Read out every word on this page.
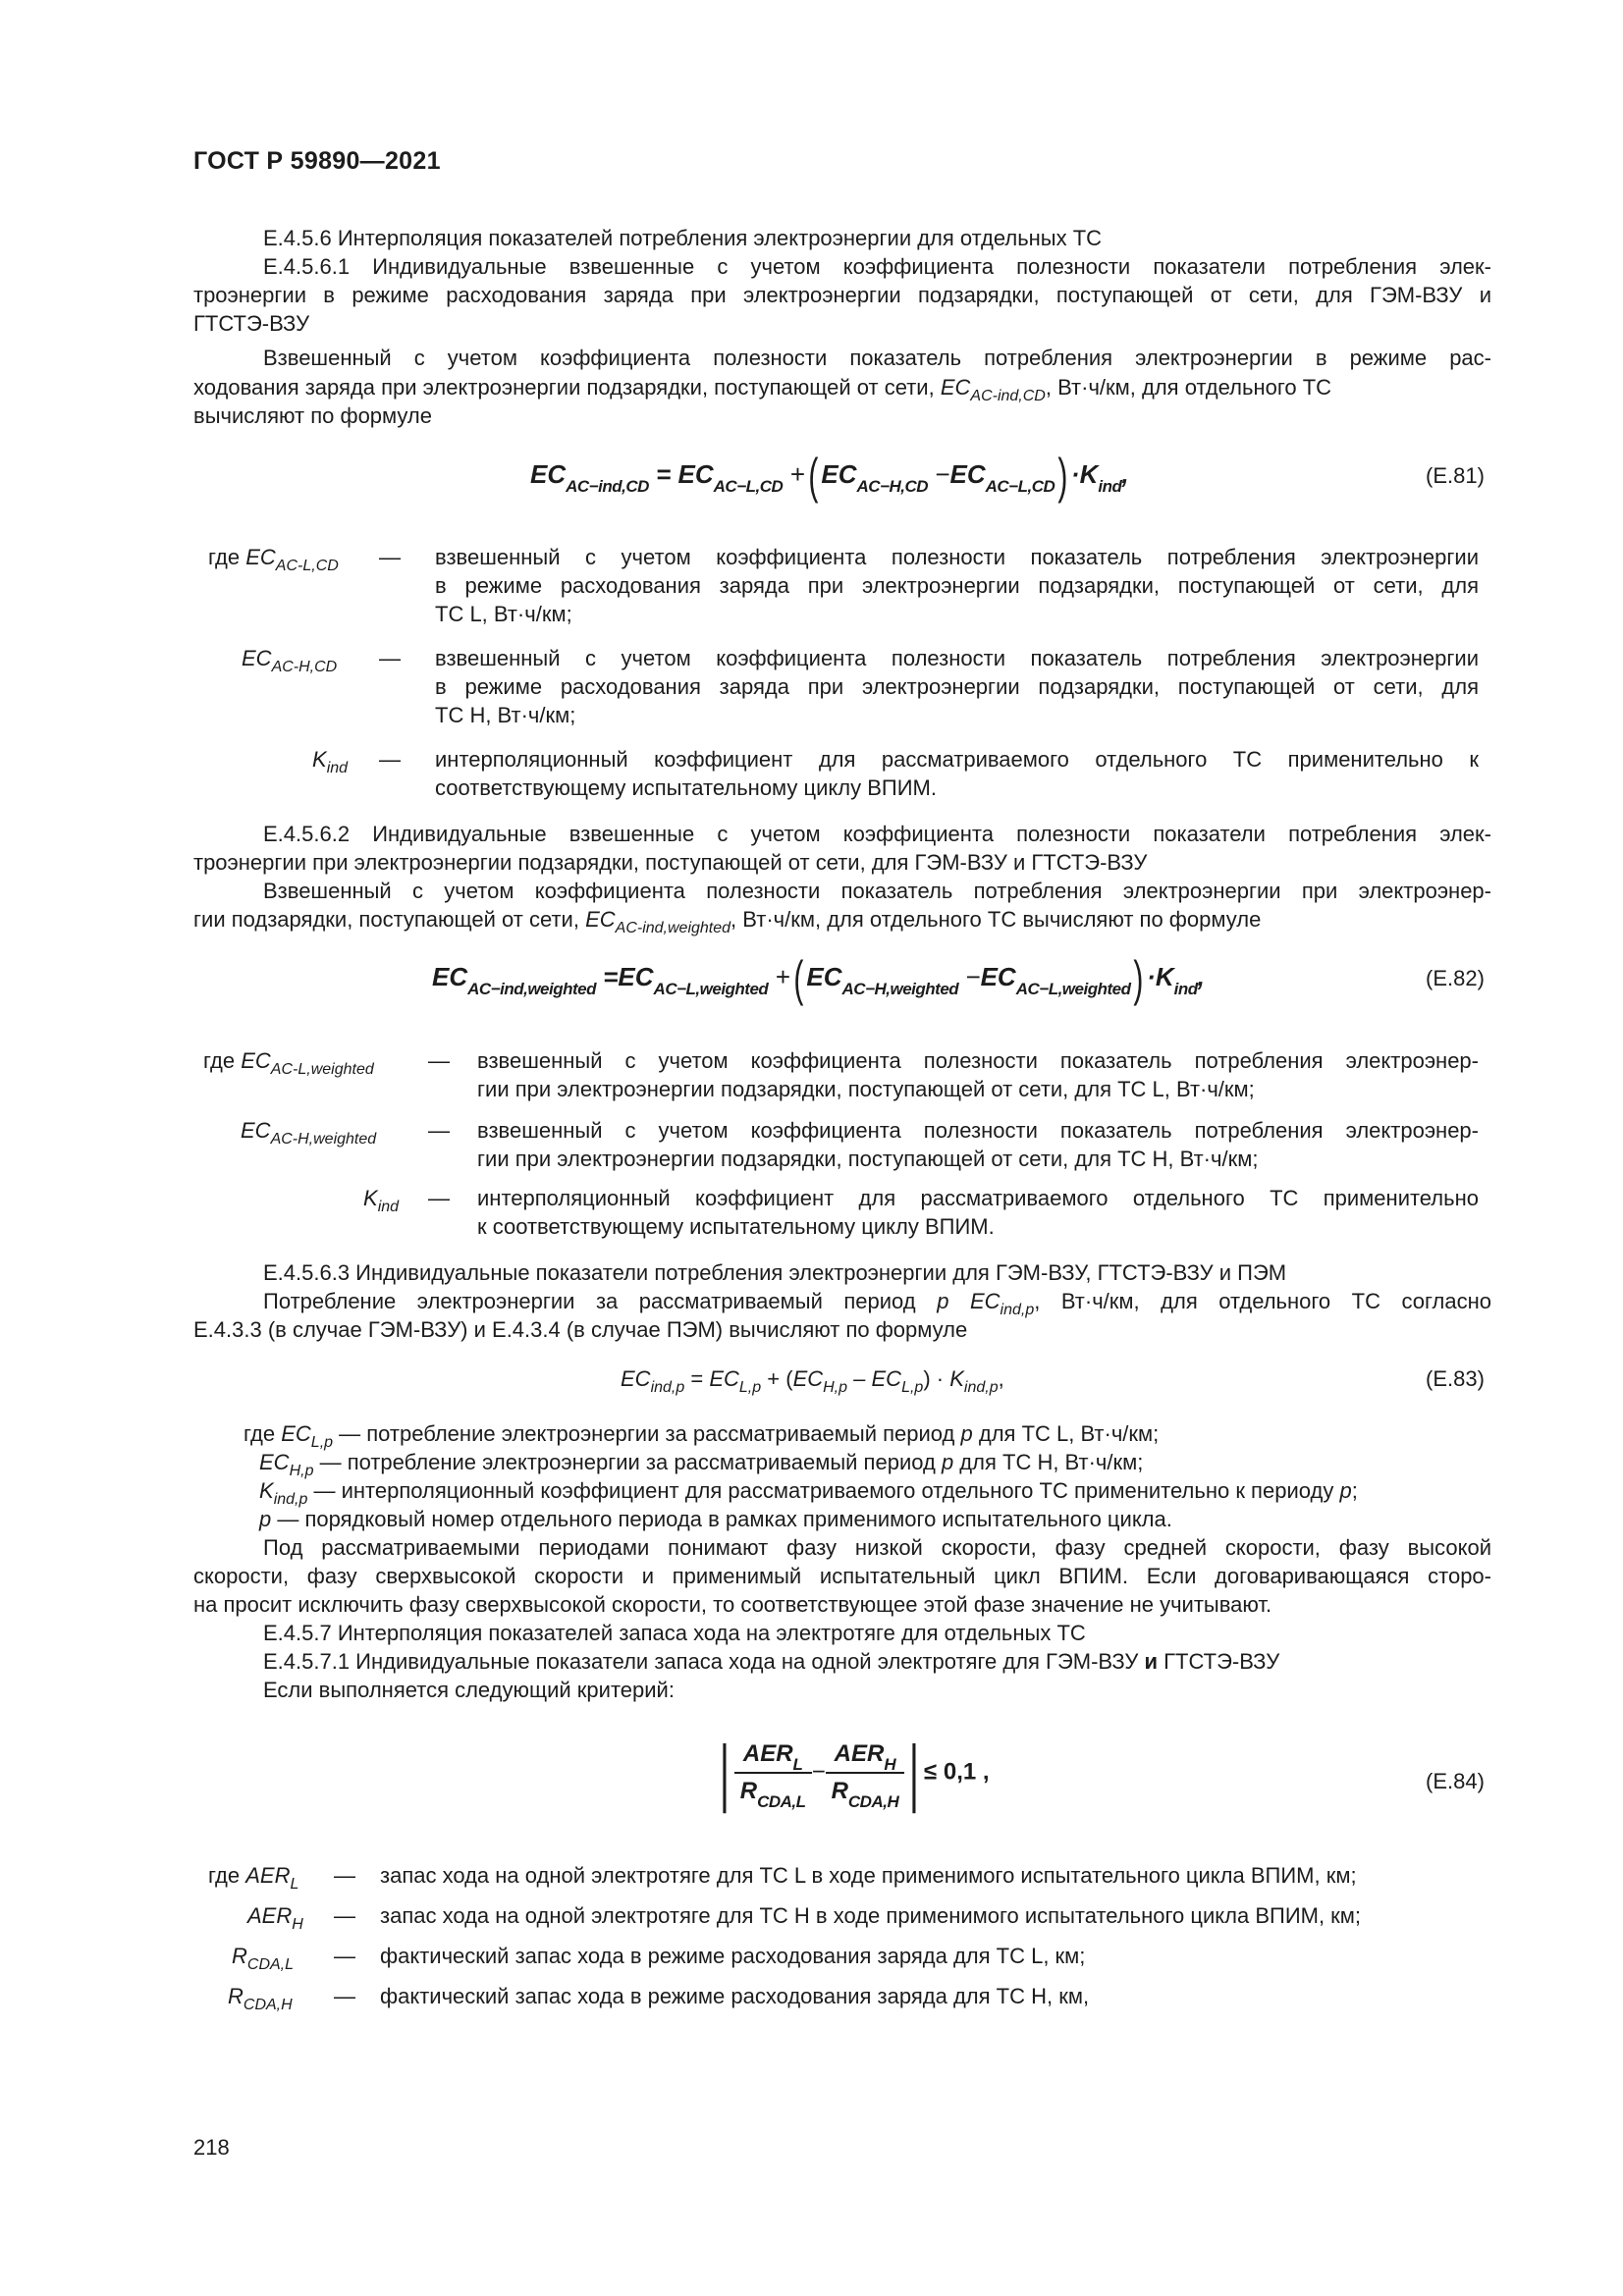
ГОСТ Р 59890—2021
Е.4.5.6 Интерполяция показателей потребления электроэнергии для отдельных ТС
Е.4.5.6.1 Индивидуальные взвешенные с учетом коэффициента полезности показатели потребления элек-
троэнергии в режиме расходования заряда при электроэнергии подзарядки, поступающей от сети, для ГЭМ-ВЗУ и
ГТСТЭ-ВЗУ
Взвешенный с учетом коэффициента полезности показатель потребления электроэнергии в режиме рас-
ходования заряда при электроэнергии подзарядки, поступающей от сети, $EC_{AC-ind,CD}$, Вт·ч/км, для отдельного ТС
вычисляют по формуле
$EC_{AC-ind,CD} = EC_{AC-L,CD}$ +( $EC_{AC-H,CD} -EC_{AC-L,CD}) \cdot K_{ind}$,	(Е.81)
где $EC_{AC-L,CD}$ — взвешенный с учетом коэффициента полезности показатель потребления электроэнергии
в режиме расходования заряда при электроэнергии подзарядки, поступающей от сети, для
ТС L, Вт·ч/км;
$EC_{AC-H,CD}$ — взвешенный с учетом коэффициента полезности показатель потребления электроэнергии
в режиме расходования заряда при электроэнергии подзарядки, поступающей от сети, для
ТС Н, Вт·ч/км;
$K_{ind}$ — интерполяционный коэффициент для рассматриваемого отдельного ТС применительно к
соответствующему испытательному циклу ВПИМ.
Е.4.5.6.2 Индивидуальные взвешенные с учетом коэффициента полезности показатели потребления элек-
троэнергии при электроэнергии подзарядки, поступающей от сети, для ГЭМ-ВЗУ и ГТСТЭ-ВЗУ
Взвешенный с учетом коэффициента полезности показатель потребления электроэнергии при электроэнер-
гии подзарядки, поступающей от сети, $EC_{AC-ind,weighted}$, Вт·ч/км, для отдельного ТС вычисляют по формуле
$EC_{AC-ind,weighted} =EC_{AC-L,weighted}$ +( $EC_{AC-H,weighted} -EC_{AC-L,weighted}) \cdot K_{ind}$,	(Е.82)
где $EC_{AC-L,weighted}$	— взвешенный с учетом коэффициента полезности показатель потребления электроэнер-
гии при электроэнергии подзарядки, поступающей от сети, для ТС L, Вт·ч/км;
$EC_{AC-H,weighted}$ — взвешенный с учетом коэффициента полезности показатель потребления электроэнер-
гии при электроэнергии подзарядки, поступающей от сети, для ТС Н, Вт·ч/км;
$K_{ind}$ — интерполяционный коэффициент для рассматриваемого отдельного ТС применительно
к соответствующему испытательному циклу ВПИМ.
Е.4.5.6.3 Индивидуальные показатели потребления электроэнергии для ГЭМ-ВЗУ, ГТСТЭ-ВЗУ и ПЭМ
Потребление электроэнергии за рассматриваемый период p $EC_{ind,p}$, Вт·ч/км, для отдельного ТС согласно
Е.4.3.3 (в случае ГЭМ-ВЗУ) и Е.4.3.4 (в случае ПЭМ) вычисляют по формуле
$EC_{ind,p} = EC_{L,p} + (EC_{H,p} - EC_{L,p}) \cdot K_{ind,p}$,	(Е.83)
где $EC_{L,p}$ — потребление электроэнергии за рассматриваемый период p для ТС L, Вт·ч/км;
$EC_{H,p}$ — потребление электроэнергии за рассматриваемый период p для ТС Н, Вт·ч/км;
$K_{ind,p}$ — интерполяционный коэффициент для рассматриваемого отдельного ТС применительно к периоду p;
p — порядковый номер отдельного периода в рамках применимого испытательного цикла.
Под рассматриваемыми периодами понимают фазу низкой скорости, фазу средней скорости, фазу высокой
скорости, фазу сверхвысокой скорости и применимый испытательный цикл ВПИМ. Если договаривающаяся сторо-
на просит исключить фазу сверхвысокой скорости, то соответствующее этой фазе значение не учитывают.
Е.4.5.7 Интерполяция показателей запаса хода на электротяге для отдельных ТС
Е.4.5.7.1 Индивидуальные показатели запаса хода на одной электротяге для ГЭМ-ВЗУ и ГТСТЭ-ВЗУ
Если выполняется следующий критерий:
| $\frac{AER_L}{R_{CDA,L}} - \frac{AER_H}{R_{CDA,H}}$ | ≤ 0,1 ,	(Е.84)
где $AER_L$ — запас хода на одной электротяге для ТС L в ходе применимого испытательного цикла ВПИМ, км;
$AER_H$ — запас хода на одной электротяге для ТС Н в ходе применимого испытательного цикла ВПИМ, км;
$R_{CDA,L}$ — фактический запас хода в режиме расходования заряда для ТС L, км;
$R_{CDA,H}$ — фактический запас хода в режиме расходования заряда для ТС Н, км,
218
